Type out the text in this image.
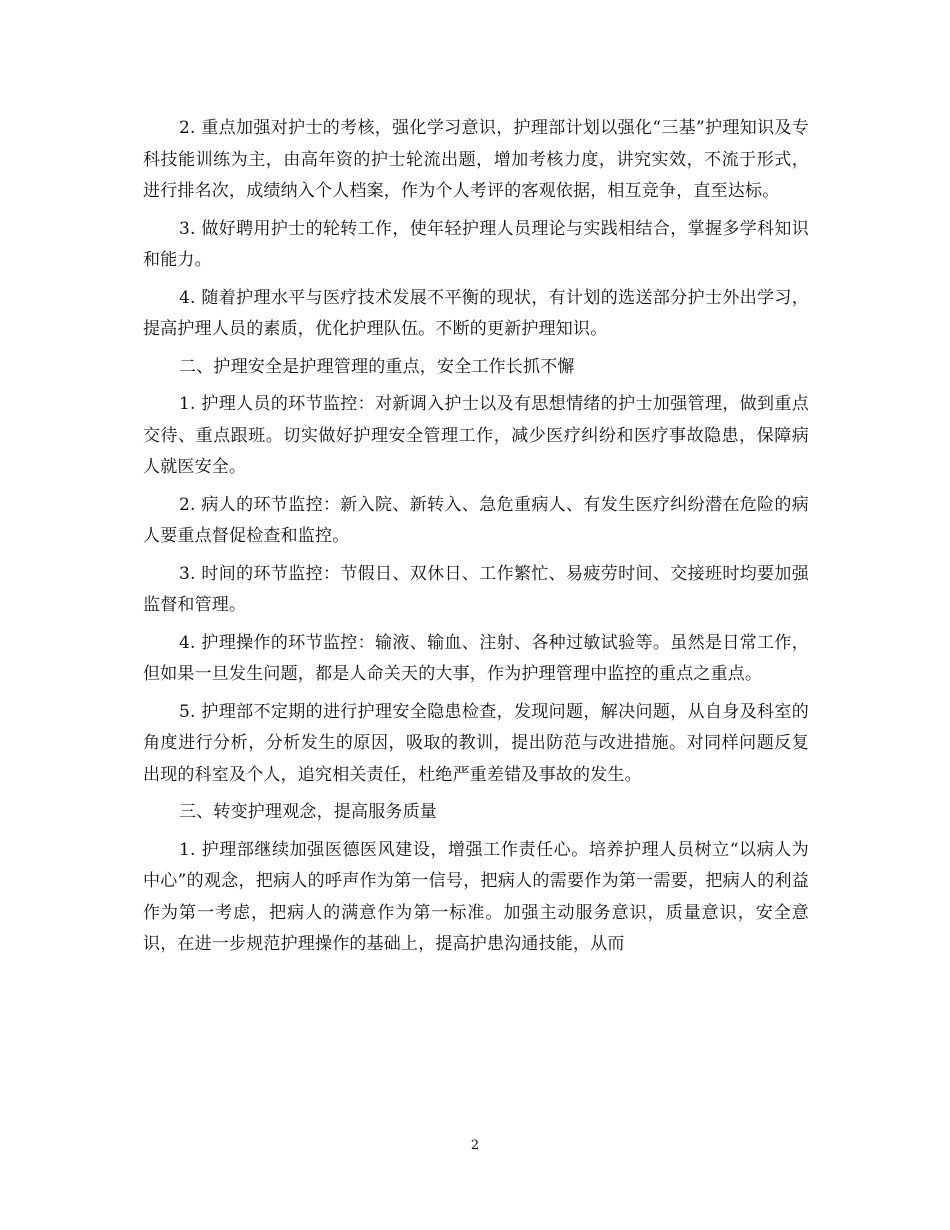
2. 重点加强对护士的考核，强化学习意识，护理部计划以强化“三基”护理知识及专科技能训练为主，由高年资的护士轮流出题，增加考核力度，讲究实效，不流于形式，进行排名次，成绩纳入个人档案，作为个人考评的客观依据，相互竞争，直至达标。

3. 做好聘用护士的轮转工作，使年轻护理人员理论与实践相结合，掌握多学科知识和能力。

4. 随着护理水平与医疗技术发展不平衡的现状，有计划的选送部分护士外出学习，提高护理人员的素质，优化护理队伍。不断的更新护理知识。

二、护理安全是护理管理的重点，安全工作长抓不懈

1. 护理人员的环节监控：对新调入护士以及有思想情绪的护士加强管理，做到重点交待、重点跟班。切实做好护理安全管理工作，减少医疗纠纷和医疗事故隐患，保障病人就医安全。

2. 病人的环节监控：新入院、新转入、急危重病人、有发生医疗纠纷潜在危险的病人要重点督促检查和监控。

3. 时间的环节监控：节假日、双休日、工作繁忙、易疲劳时间、交接班时均要加强监督和管理。

4. 护理操作的环节监控：输液、输血、注射、各种过敏试验等。虽然是日常工作，但如果一旦发生问题，都是人命关天的大事，作为护理管理中监控的重点之重点。

5. 护理部不定期的进行护理安全隐患检查，发现问题，解决问题，从自身及科室的角度进行分析，分析发生的原因，吸取的教训，提出防范与改进措施。对同样问题反复出现的科室及个人，追究相关责任，杜绝严重差错及事故的发生。

三、转变护理观念，提高服务质量

1. 护理部继续加强医德医风建设，增强工作责任心。培养护理人员树立“以病人为中心”的观念，把病人的呼声作为第一信号，把病人的需要作为第一需要，把病人的利益作为第一考虑，把病人的满意作为第一标准。加强主动服务意识，质量意识，安全意识，在进一步规范护理操作的基础上，提高护患沟通技能，从而

2
